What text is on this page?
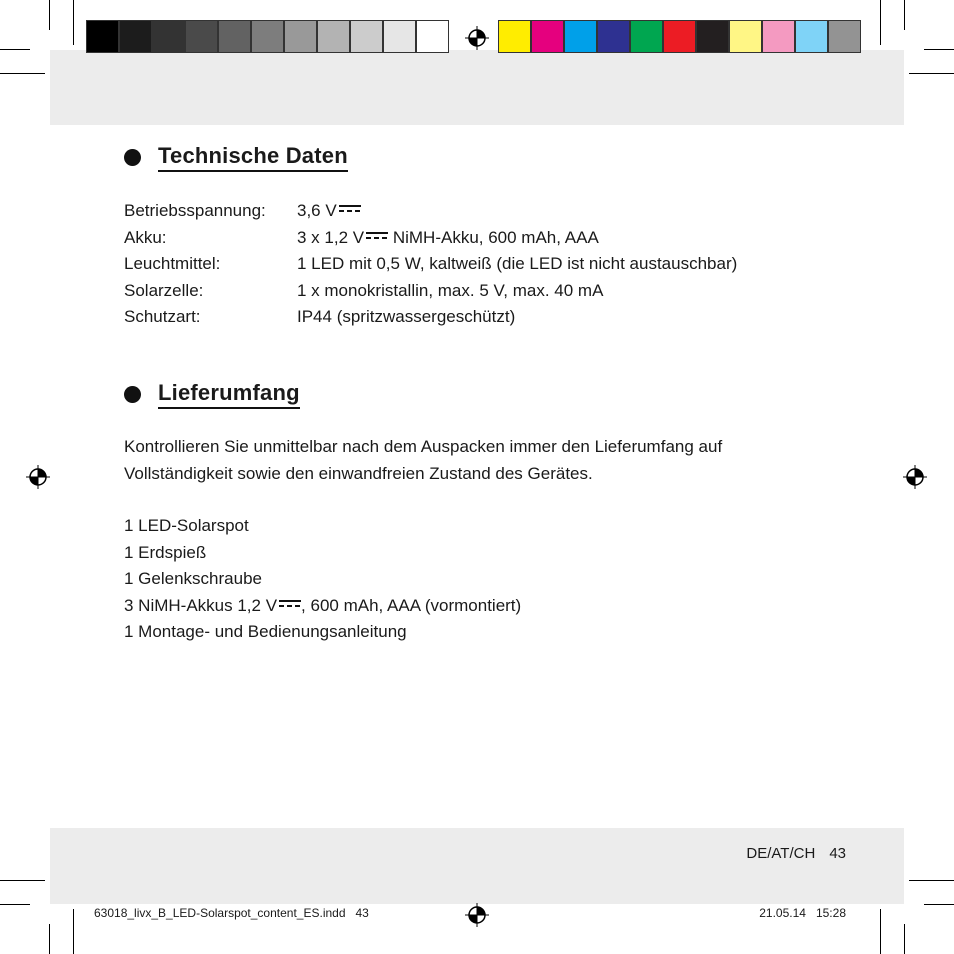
Technische Daten
Betriebsspannung:	3,6 V
Akku:	3 x 1,2 V NiMH-Akku, 600 mAh, AAA
Leuchtmittel:	1 LED mit 0,5 W, kaltweiß (die LED ist nicht austauschbar)
Solarzelle:	1 x monokristallin, max. 5 V, max. 40 mA
Schutzart:	IP44 (spritzwassergeschützt)
Lieferumfang
Kontrollieren Sie unmittelbar nach dem Auspacken immer den Lieferumfang auf
Vollständigkeit sowie den einwandfreien Zustand des Gerätes.
1 LED-Solarspot
1 Erdspieß
1 Gelenkschraube
3 NiMH-Akkus 1,2 V , 600 mAh, AAA (vormontiert)
1 Montage- und Bedienungsanleitung
DE/AT/CH 43
63018_livx_B_LED-Solarspot_content_ES.indd   43	21.05.14   15:28
